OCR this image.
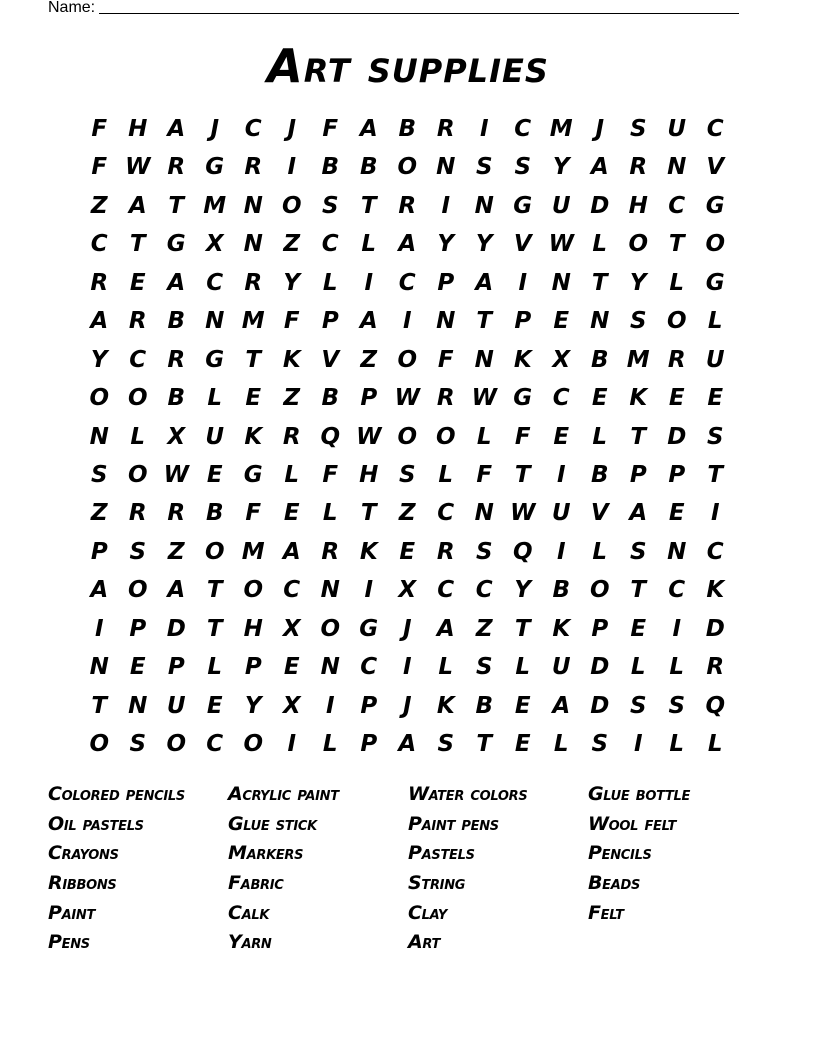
Name:
Art supplies
F H A	J	C	J	F A B R	I	C M J	S U C
F W R G R	I	B B O N S S Y A R N V
Z A T M N O S T R	I	N G U D H C G
C T G X N Z C L A Y Y V W L O T O
R E A C R Y L	I	C P A	I	N T Y L G
A R B N M F P A	I	N T P E N S O L
Y C R G T K V Z O F N K X B M R U
O O B L	E Z B P W R W G C E K E E
N L X U K R Q W O O L	F E	L	T D S
S O W E G L	F H S L	F T	I	B P P T
Z R R B F E	L	T Z C N W U V A E	I
P S Z O M A R K E R S Q	I	L S N C
A O A T O C N	I	X C C Y B O T C K
I	P D T H X O G	J	A Z T K P E	I	D
N E P L P E N C	I	L S L U D L	L R
T N U E Y X	I	P	J	K B E A D S S Q
O S O C O	I	L P A S T E	L S	I	L	L
Colored pencils	Acrylic paint	Water colors	Glue bottle
Oil pastels	Glue stick	Paint pens	Wool felt
Crayons	Markers	Pastels	Pencils
Ribbons	Fabric	String	Beads
Paint	Calk	Clay	Felt
Pens	Yarn	Art
